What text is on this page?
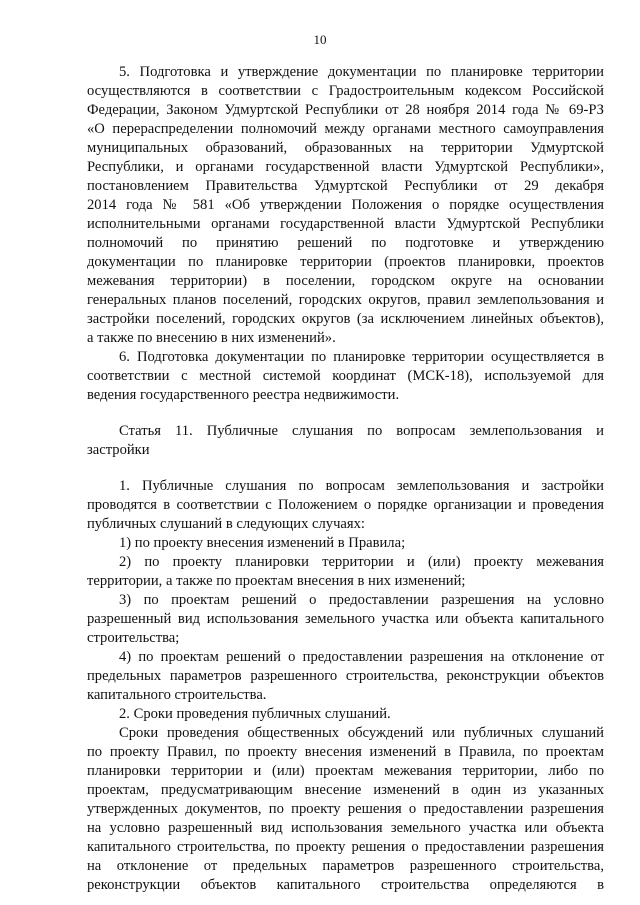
10
5. Подготовка и утверждение документации по планировке территории
осуществляются в соответствии с Градостроительным кодексом Российской
Федерации, Законом Удмуртской Республики от 28 ноября 2014 года № 69-РЗ
«О перераспределении полномочий между органами местного самоуправления
муниципальных образований, образованных на территории Удмуртской
Республики, и органами государственной власти Удмуртской Республики»,
постановлением Правительства Удмуртской Республики от 29 декабря
2014 года № 581 «Об утверждении Положения о порядке осуществления
исполнительными органами государственной власти Удмуртской Республики
полномочий по принятию решений по подготовке и утверждению
документации по планировке территории (проектов планировки, проектов
межевания территории) в поселении, городском округе на основании
генеральных планов поселений, городских округов, правил землепользования и
застройки поселений, городских округов (за исключением линейных объектов),
а также по внесению в них изменений».
6. Подготовка документации по планировке территории осуществляется в
соответствии с местной системой координат (МСК-18), используемой для
ведения государственного реестра недвижимости.
Статья 11. Публичные слушания по вопросам землепользования и
застройки
1. Публичные слушания по вопросам землепользования и застройки
проводятся в соответствии с Положением о порядке организации и проведения
публичных слушаний в следующих случаях:
1) по проекту внесения изменений в Правила;
2) по проекту планировки территории и (или) проекту межевания
территории, а также по проектам внесения в них изменений;
3) по проектам решений о предоставлении разрешения на условно
разрешенный вид использования земельного участка или объекта капитального
строительства;
4) по проектам решений о предоставлении разрешения на отклонение от
предельных параметров разрешенного строительства, реконструкции объектов
капитального строительства.
2. Сроки проведения публичных слушаний.
Сроки проведения общественных обсуждений или публичных слушаний
по проекту Правил, по проекту внесения изменений в Правила, по проектам
планировки территории и (или) проектам межевания территории, либо по
проектам, предусматривающим внесение изменений в один из указанных
утвержденных документов, по проекту решения о предоставлении разрешения
на условно разрешенный вид использования земельного участка или объекта
капитального строительства, по проекту решения о предоставлении разрешения
на отклонение от предельных параметров разрешенного строительства,
реконструкции объектов капитального строительства определяются в
